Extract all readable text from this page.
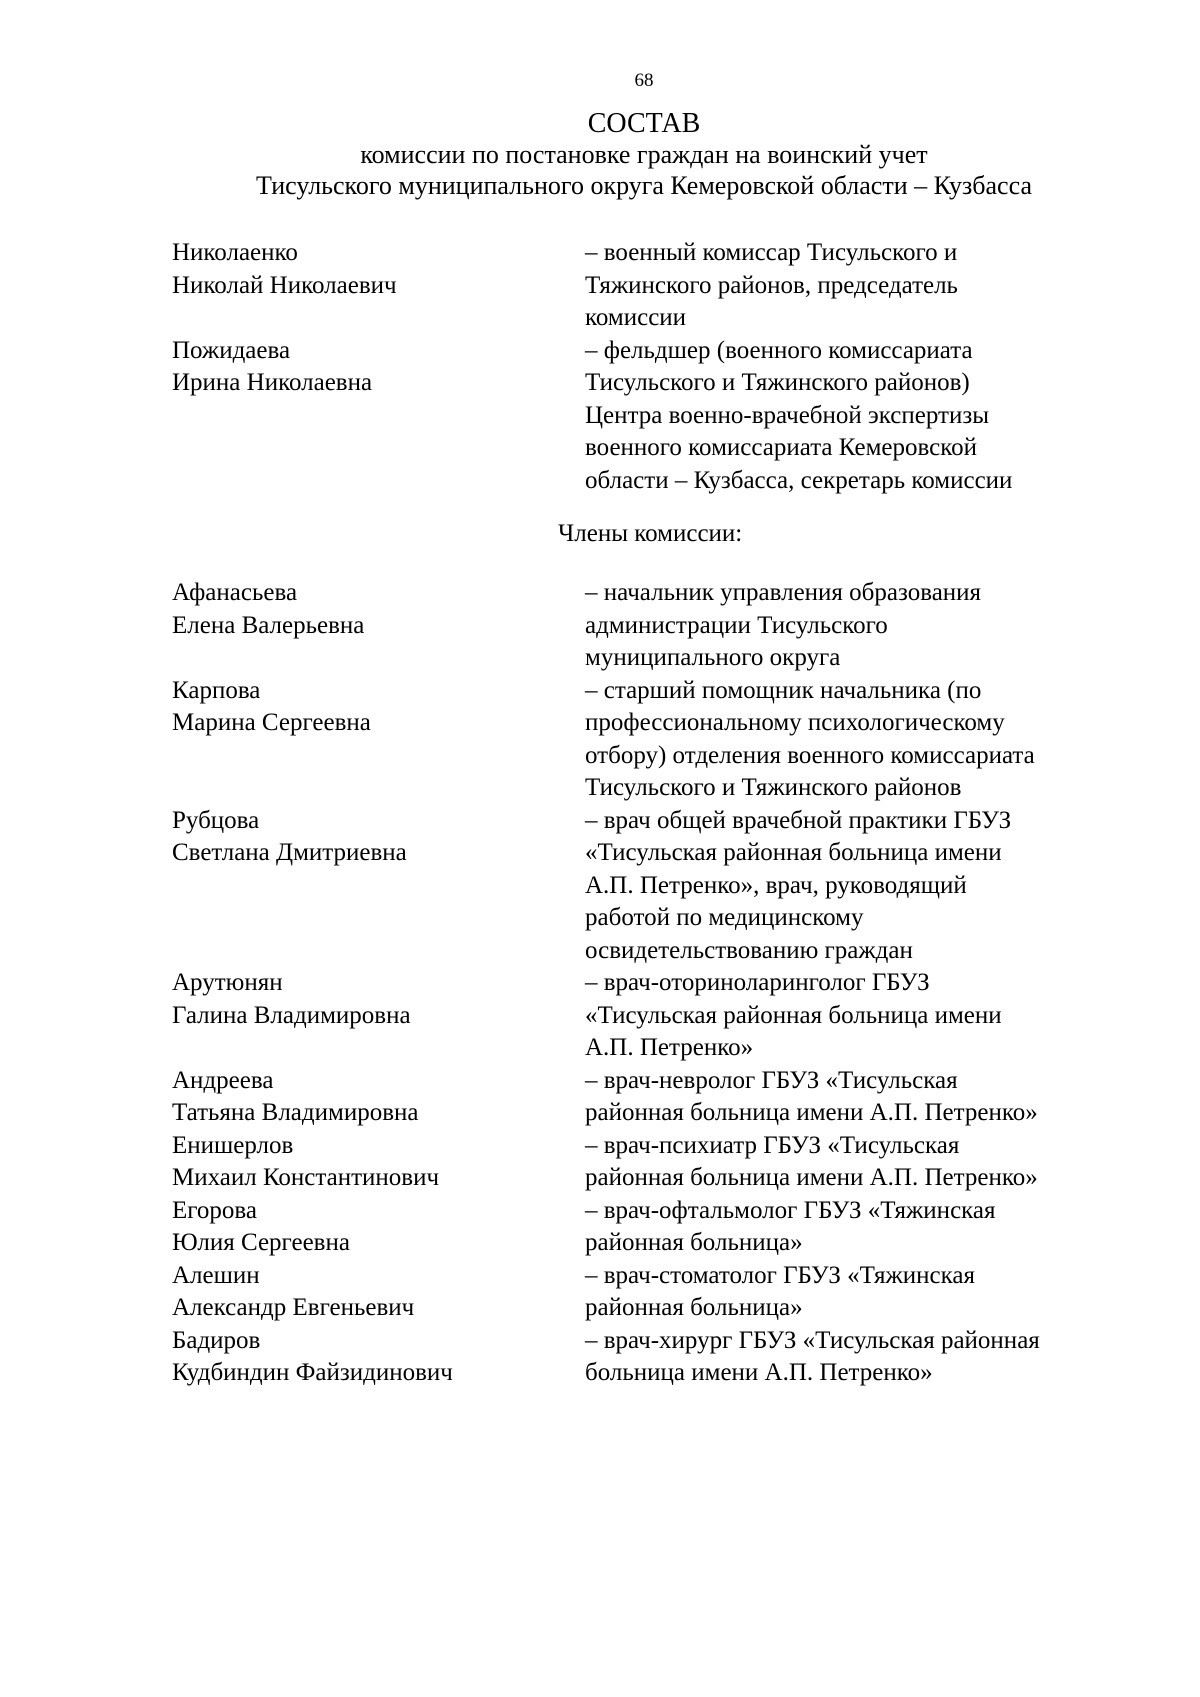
68
СОСТАВ
комиссии по постановке граждан на воинский учет
Тисульского муниципального округа Кемеровской области – Кузбасса
Николаенко
Николай Николаевич
– военный комиссар Тисульского и
Тяжинского районов, председатель
комиссии
Пожидаева
Ирина Николаевна
– фельдшер (военного комиссариата
Тисульского и Тяжинского районов)
Центра военно-врачебной экспертизы
военного комиссариата Кемеровской
области – Кузбасса, секретарь комиссии
Члены комиссии:
Афанасьева
Елена Валерьевна
– начальник управления образования
администрации Тисульского
муниципального округа
Карпова
Марина Сергеевна
– старший помощник начальника (по
профессиональному психологическому
отбору) отделения военного комиссариата
Тисульского и Тяжинского районов
Рубцова
Светлана Дмитриевна
– врач общей врачебной практики ГБУЗ
«Тисульская районная больница имени
А.П. Петренко», врач, руководящий
работой по медицинскому
освидетельствованию граждан
Арутюнян
Галина Владимировна
– врач-оториноларинголог ГБУЗ
«Тисульская районная больница имени
А.П. Петренко»
Андреева
Татьяна Владимировна
– врач-невролог ГБУЗ «Тисульская
районная больница имени А.П. Петренко»
Енишерлов
Михаил Константинович
– врач-психиатр ГБУЗ «Тисульская
районная больница имени А.П. Петренко»
Егорова
Юлия Сергеевна
– врач-офтальмолог ГБУЗ «Тяжинская
районная больница»
Алешин
Александр Евгеньевич
– врач-стоматолог ГБУЗ «Тяжинская
районная больница»
Бадиров
Кудбиндин Файзидинович
– врач-хирург ГБУЗ «Тисульская районная
больница имени А.П. Петренко»
